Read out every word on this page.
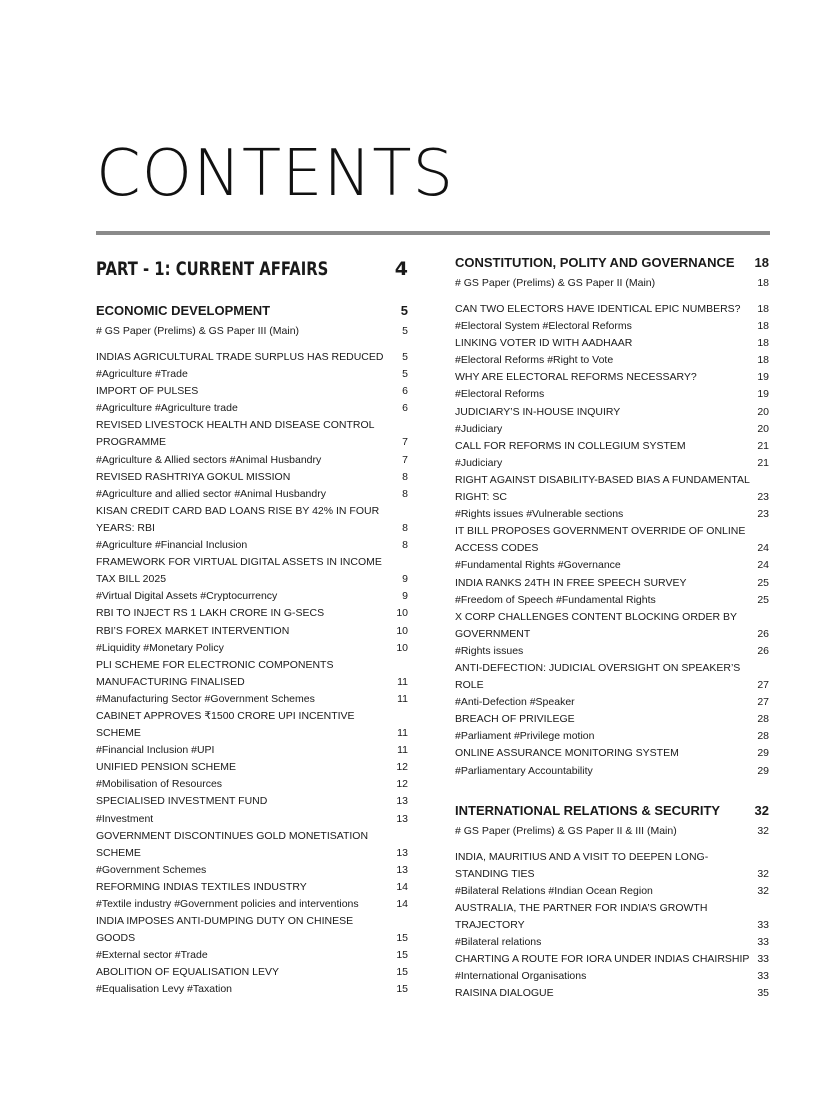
CONTENTS
PART - 1: CURRENT AFFAIRS	4
ECONOMIC DEVELOPMENT	5
# GS Paper (Prelims) & GS Paper III (Main)	5
INDIAS AGRICULTURAL TRADE SURPLUS HAS REDUCED	5
#Agriculture #Trade	5
IMPORT OF PULSES	6
#Agriculture #Agriculture trade	6
REVISED LIVESTOCK HEALTH AND DISEASE CONTROL PROGRAMME	7
#Agriculture & Allied sectors #Animal Husbandry	7
REVISED RASHTRIYA GOKUL MISSION	8
#Agriculture and allied sector #Animal Husbandry	8
KISAN CREDIT CARD BAD LOANS RISE BY 42% IN FOUR YEARS: RBI	8
#Agriculture #Financial Inclusion	8
FRAMEWORK FOR VIRTUAL DIGITAL ASSETS IN INCOME TAX BILL 2025	9
#Virtual Digital Assets #Cryptocurrency	9
RBI TO INJECT RS 1 LAKH CRORE IN G-SECS	10
RBI’S FOREX MARKET INTERVENTION	10
#Liquidity #Monetary Policy	10
PLI SCHEME FOR ELECTRONIC COMPONENTS MANUFACTURING FINALISED	11
#Manufacturing Sector #Government Schemes	11
CABINET APPROVES ₹1500 CRORE UPI INCENTIVE SCHEME	11
#Financial Inclusion #UPI	11
UNIFIED PENSION SCHEME	12
#Mobilisation of Resources	12
SPECIALISED INVESTMENT FUND	13
#Investment	13
GOVERNMENT DISCONTINUES GOLD MONETISATION SCHEME	13
#Government Schemes	13
REFORMING INDIAS TEXTILES INDUSTRY	14
#Textile industry #Government policies and interventions	14
INDIA IMPOSES ANTI-DUMPING DUTY ON CHINESE GOODS	15
#External sector #Trade	15
ABOLITION OF EQUALISATION LEVY	15
#Equalisation Levy #Taxation	15
CONSTITUTION, POLITY AND GOVERNANCE 18
# GS Paper (Prelims) & GS Paper II (Main)	18
CAN TWO ELECTORS HAVE IDENTICAL EPIC NUMBERS?	18
#Electoral System #Electoral Reforms	18
LINKING VOTER ID WITH AADHAAR	18
#Electoral Reforms #Right to Vote	18
WHY ARE ELECTORAL REFORMS NECESSARY?	19
#Electoral Reforms	19
JUDICIARY’S IN-HOUSE INQUIRY	20
#Judiciary	20
CALL FOR REFORMS IN COLLEGIUM SYSTEM	21
#Judiciary	21
RIGHT AGAINST DISABILITY-BASED BIAS A FUNDAMENTAL RIGHT: SC	23
#Rights issues #Vulnerable sections	23
IT BILL PROPOSES GOVERNMENT OVERRIDE OF ONLINE ACCESS CODES	24
#Fundamental Rights #Governance	24
INDIA RANKS 24TH IN FREE SPEECH SURVEY	25
#Freedom of Speech #Fundamental Rights	25
X CORP CHALLENGES CONTENT BLOCKING ORDER BY GOVERNMENT	26
#Rights issues	26
ANTI-DEFECTION: JUDICIAL OVERSIGHT ON SPEAKER’S ROLE	27
#Anti-Defection #Speaker	27
BREACH OF PRIVILEGE	28
#Parliament #Privilege motion	28
ONLINE ASSURANCE MONITORING SYSTEM	29
#Parliamentary Accountability	29
INTERNATIONAL RELATIONS & SECURITY	32
# GS Paper (Prelims) & GS Paper II & III (Main)	32
INDIA, MAURITIUS AND A VISIT TO DEEPEN LONG-STANDING TIES	32
#Bilateral Relations #Indian Ocean Region	32
AUSTRALIA, THE PARTNER FOR INDIA’S GROWTH TRAJECTORY	33
#Bilateral relations	33
CHARTING A ROUTE FOR IORA UNDER INDIAS CHAIRSHIP 33
#International Organisations	33
RAISINA DIALOGUE	35
